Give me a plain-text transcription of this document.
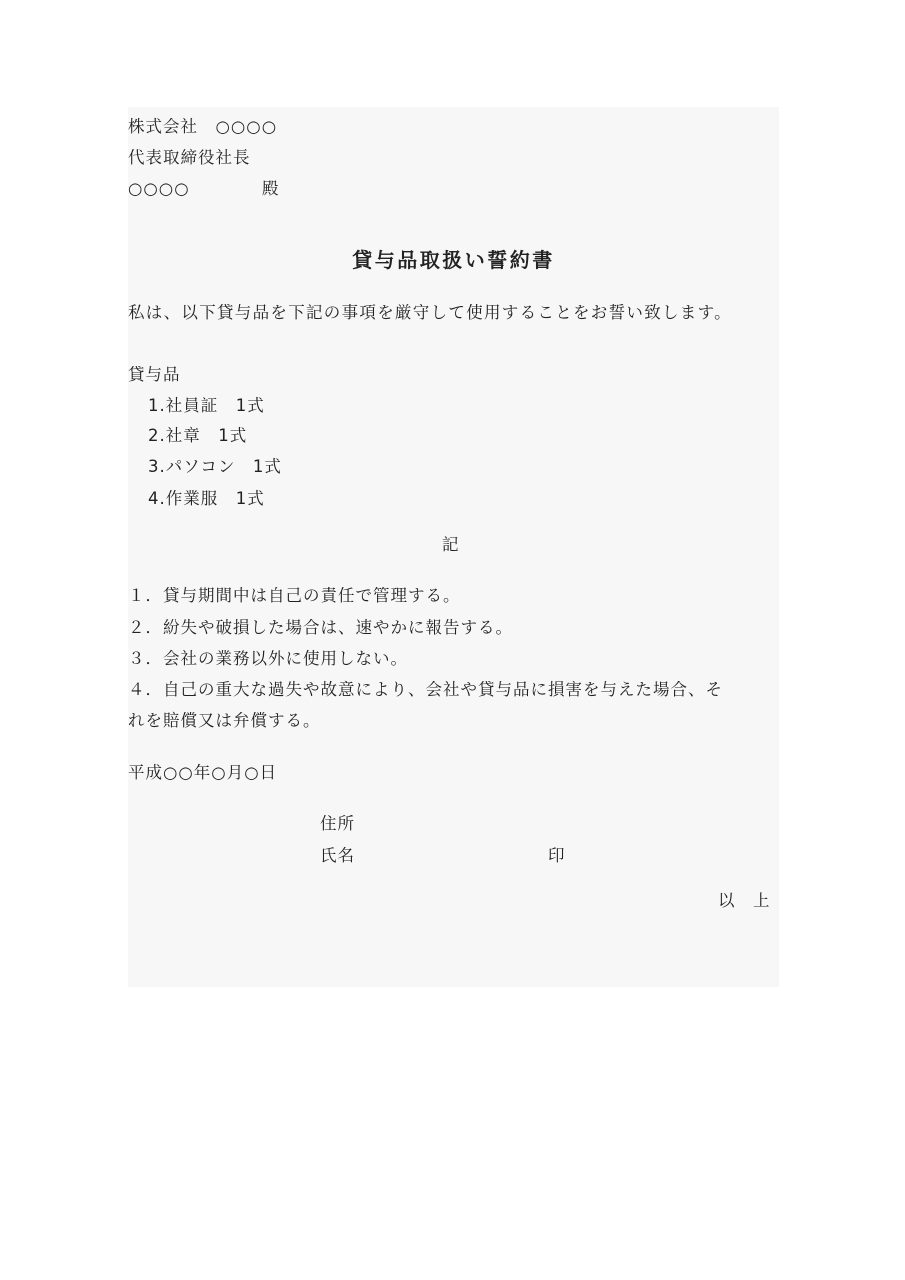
株式会社　○○○○
代表取締役社長
○○○○	殿
貸与品取扱い誓約書
私は、以下貸与品を下記の事項を厳守して使用することをお誓い致します。
貸与品
1.社員証　1式
2.社章　1式
3.パソコン　1式
4.作業服　1式
記
１．貸与期間中は自己の責任で管理する。
２．紛失や破損した場合は、速やかに報告する。
３．会社の業務以外に使用しない。
４．自己の重大な過失や故意により、会社や貸与品に損害を与えた場合、そ
れを賠償又は弁償する。
平成○○年○月○日
住所
氏名	印
以　上
